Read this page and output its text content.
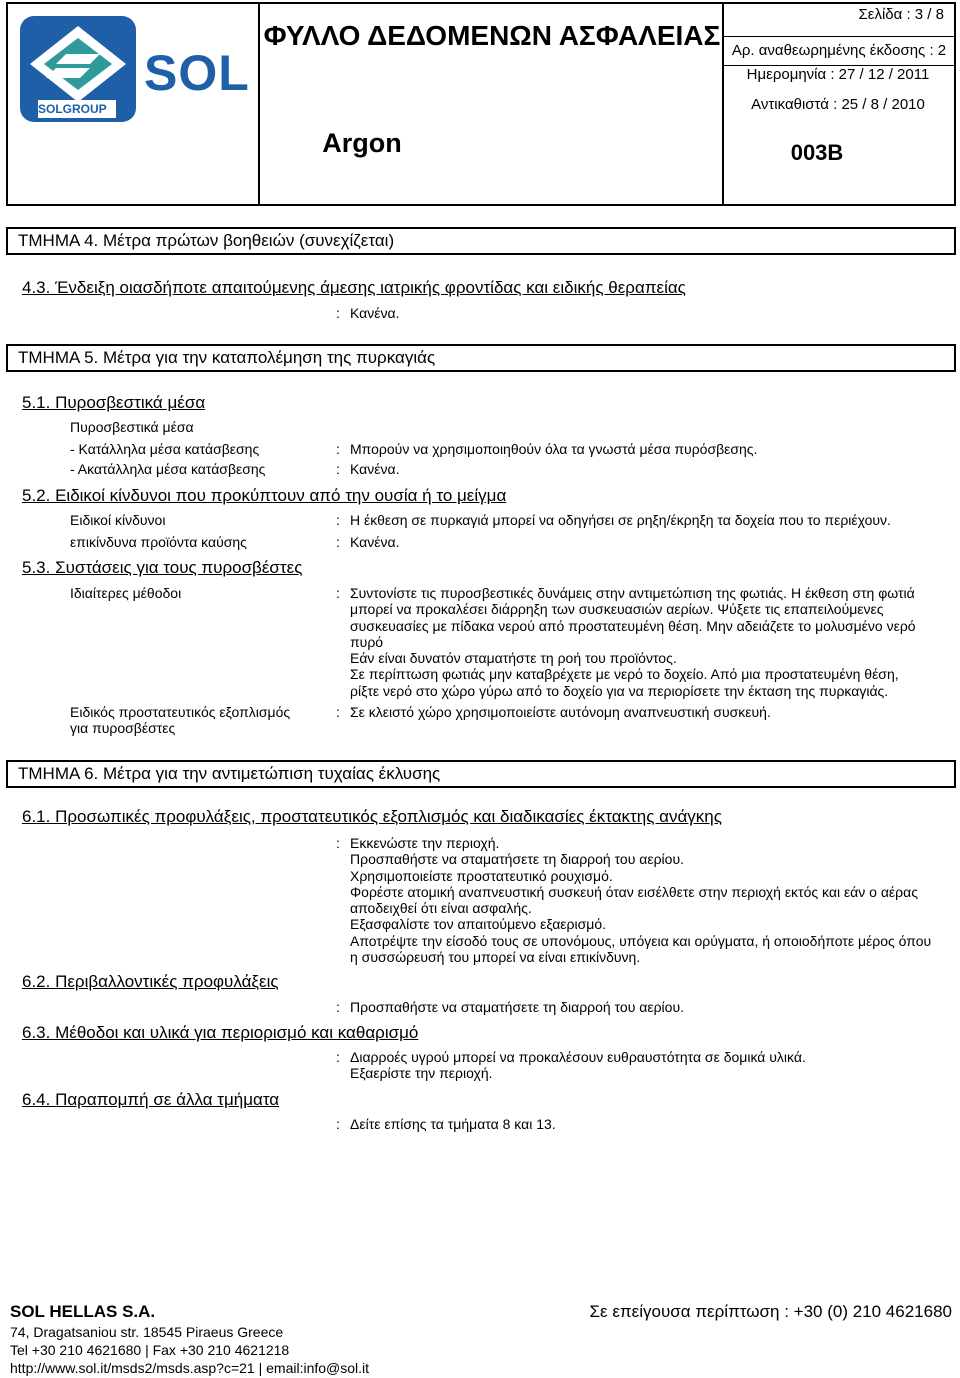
SOL
SOLGROUP
ΦΥΛΛΟ ΔΕΔΟΜΕΝΩΝ ΑΣΦΑΛΕΙΑΣ
Argon
Σελίδα : 3 / 8
Αρ. αναθεωρημένης έκδοσης : 2
Ημερομηνία : 27 / 12 / 2011
Αντικαθιστά : 25 / 8 / 2010
003B
ΤΜΗΜΑ 4. Μέτρα πρώτων βοηθειών (συνεχίζεται)
4.3. Ένδειξη οιασδήποτε απαιτούμενης άμεσης ιατρικής φροντίδας και ειδικής θεραπείας
: Κανένα.
ΤΜΗΜΑ 5. Μέτρα για την καταπολέμηση της πυρκαγιάς
5.1. Πυροσβεστικά μέσα
Πυροσβεστικά μέσα
- Κατάλληλα μέσα κατάσβεσης	: Μπορούν να χρησιμοποιηθούν όλα τα γνωστά μέσα πυρόσβεσης.
- Ακατάλληλα μέσα κατάσβεσης	: Κανένα.
5.2. Ειδικοί κίνδυνοι που προκύπτουν από την ουσία ή το μείγμα
Ειδικοί κίνδυνοι	: Η έκθεση σε πυρκαγιά μπορεί να οδηγήσει σε ρηξη/έκρηξη τα δοχεία που το περιέχουν.
επικίνδυνα προϊόντα καύσης	: Κανένα.
5.3. Συστάσεις για τους πυροσβέστες
Ιδιαίτερες μέθοδοι	: Συντονίστε τις πυροσβεστικές δυνάμεις στην αντιμετώπιση της φωτιάς. Η έκθεση στη φωτιά
μπορεί να προκαλέσει διάρρηξη των συσκευασιών αερίων. Ψύξετε τις επαπειλούμενες
συσκευασίες με πίδακα νερού από προστατευμένη θέση. Μην αδειάζετε το μολυσμένο νερό
πυρό
Εάν είναι δυνατόν σταματήστε τη ροή του προϊόντος.
Σε περίπτωση φωτιάς μην καταβρέχετε με νερό το δοχείο. Από μια προστατευμένη θέση,
ρίξτε νερό στο χώρο γύρω από το δοχείο για να περιορίσετε την έκταση της πυρκαγιάς.
Ειδικός προστατευτικός εξοπλισμός
για πυροσβέστες
: Σε κλειστό χώρο χρησιμοποιείστε αυτόνομη αναπνευστική συσκευή.
ΤΜΗΜΑ 6. Μέτρα για την αντιμετώπιση τυχαίας έκλυσης
6.1. Προσωπικές προφυλάξεις, προστατευτικός εξοπλισμός και διαδικασίες έκτακτης ανάγκης
: Εκκενώστε την περιοχή.
Προσπαθήστε να σταματήσετε τη διαρροή του αερίου.
Χρησιμοποιείστε προστατευτικό ρουχισμό.
Φορέστε ατομική αναπνευστική συσκευή όταν εισέλθετε στην περιοχή εκτός και εάν ο αέρας
αποδειχθεί ότι είναι ασφαλής.
Εξασφαλίστε τον απαιτούμενο εξαερισμό.
Αποτρέψτε την είσοδό τους σε υπονόμους, υπόγεια και ορύγματα, ή οποιοδήποτε μέρος όπου
η συσσώρευσή του μπορεί να είναι επικίνδυνη.
6.2. Περιβαλλοντικές προφυλάξεις
: Προσπαθήστε να σταματήσετε τη διαρροή του αερίου.
6.3. Μέθοδοι και υλικά για περιορισμό και καθαρισμό
: Διαρροές υγρού μπορεί να προκαλέσουν ευθραυστότητα σε δομικά υλικά.
Εξαερίστε την περιοχή.
6.4. Παραπομπή σε άλλα τμήματα
: Δείτε επίσης τα τμήματα 8 και 13.
SOL HELLAS S.A.	Σε επείγουσα περίπτωση : +30 (0) 210 4621680
74, Dragatsaniou str. 18545 Piraeus Greece
Tel +30 210 4621680 | Fax +30 210 4621218
http://www.sol.it/msds2/msds.asp?c=21 | email:info@sol.it
